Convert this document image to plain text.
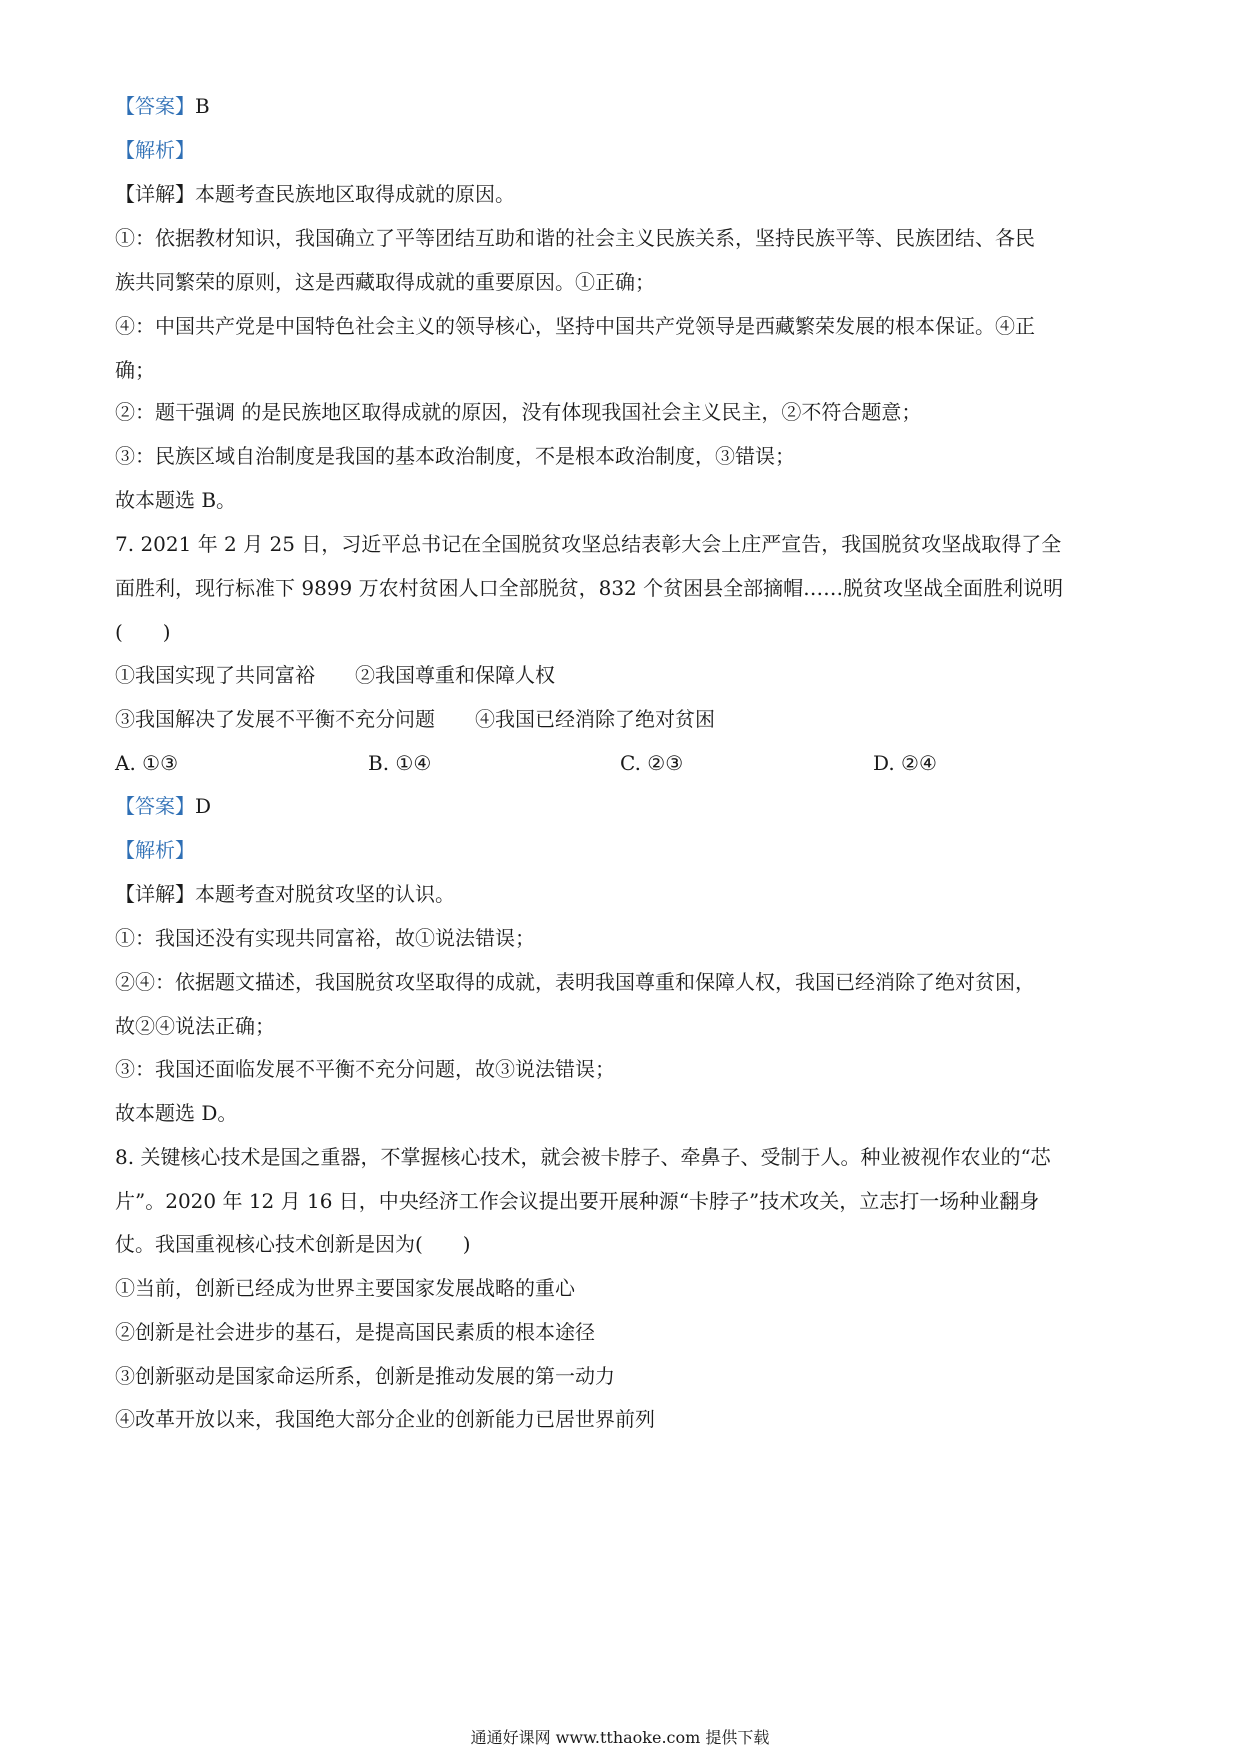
【答案】B
【解析】
【详解】本题考查民族地区取得成就的原因。
①：依据教材知识，我国确立了平等团结互助和谐的社会主义民族关系，坚持民族平等、民族团结、各民
族共同繁荣的原则，这是西藏取得成就的重要原因。①正确；
④：中国共产党是中国特色社会主义的领导核心，坚持中国共产党领导是西藏繁荣发展的根本保证。④正
确；
②：题干强调 的是民族地区取得成就的原因，没有体现我国社会主义民主，②不符合题意；
③：民族区域自治制度是我国的基本政治制度，不是根本政治制度，③错误；
故本题选 B。
7. 2021 年 2 月 25 日，习近平总书记在全国脱贫攻坚总结表彰大会上庄严宣告，我国脱贫攻坚战取得了全
面胜利，现行标准下 9899 万农村贫困人口全部脱贫，832 个贫困县全部摘帽……脱贫攻坚战全面胜利说明
(　　)
①我国实现了共同富裕　　②我国尊重和保障人权
③我国解决了发展不平衡不充分问题　　④我国已经消除了绝对贫困
A. ①③	B. ①④	C. ②③	D. ②④
【答案】D
【解析】
【详解】本题考查对脱贫攻坚的认识。
①：我国还没有实现共同富裕，故①说法错误；
②④：依据题文描述，我国脱贫攻坚取得的成就，表明我国尊重和保障人权，我国已经消除了绝对贫困，
故②④说法正确；
③：我国还面临发展不平衡不充分问题，故③说法错误；
故本题选 D。
8. 关键核心技术是国之重器，不掌握核心技术，就会被卡脖子、牵鼻子、受制于人。种业被视作农业的“芯
片”。2020 年 12 月 16 日，中央经济工作会议提出要开展种源“卡脖子”技术攻关，立志打一场种业翻身
仗。我国重视核心技术创新是因为(　　)
①当前，创新已经成为世界主要国家发展战略的重心
②创新是社会进步的基石，是提高国民素质的根本途径
③创新驱动是国家命运所系，创新是推动发展的第一动力
④改革开放以来，我国绝大部分企业的创新能力已居世界前列
通通好课网 www.tthaoke.com 提供下载
